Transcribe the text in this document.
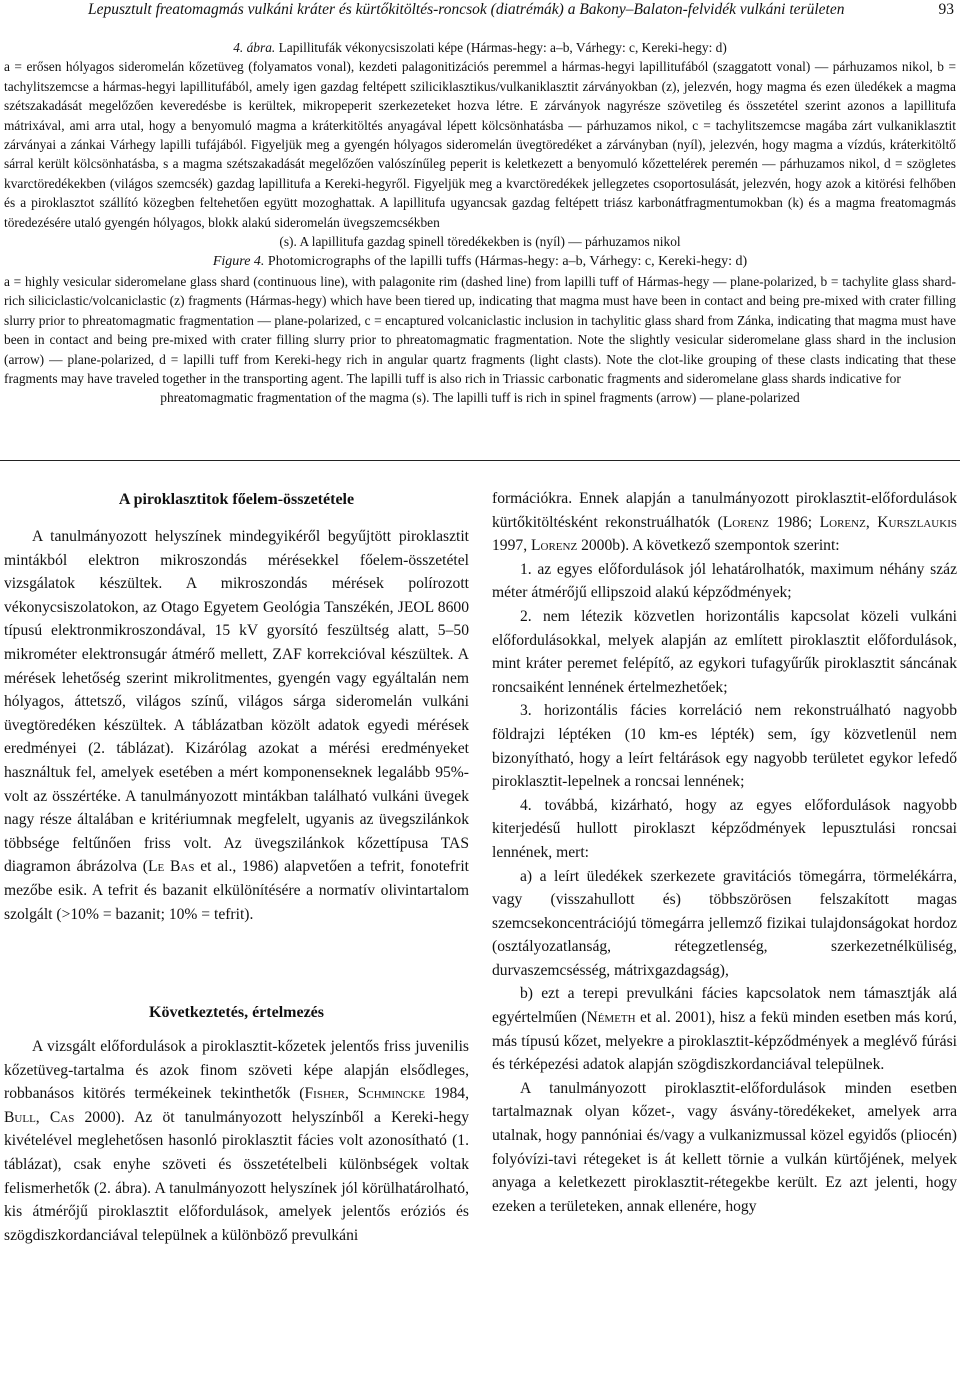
Lepusztult freatomagmás vulkáni kráter és kürtőkitöltés-roncsok (diatrémák) a Bakony–Balaton-felvidék vulkáni területen	93

4. ábra. Lapillitufák vékonycsiszolati képe (Hármas-hegy: a–b, Várhegy: c, Kereki-hegy: d)

a = erősen hólyagos sideromelán kőzetüveg (folyamatos vonal), kezdeti palagonitizációs peremmel a hármas-hegyi lapillitufából (szaggatott vonal) — párhuzamos nikol, b = tachylitszemcse a hármas-hegyi lapillitufából, amely igen gazdag feltépett sziliciklasztikus/vulkaniklasztit zárványokban (z), jelezvén, hogy magma és ezen üledékek a magma szétszakadását megelőzően keveredésbe is kerültek, mikropeperit szerkezeteket hozva létre. E zárványok nagyrésze szövetileg és összetétel szerint azonos a lapillitufa mátrixával, ami arra utal, hogy a benyomuló magma a kráterkitöltés anyagával lépett kölcsönhatásba — párhuzamos nikol, c = tachylitszemcse magába zárt vulkaniklasztit zárványai a zánkai Várhegy lapilli tufájából. Figyeljük meg a gyengén hólyagos sideromelán üvegtöredéket a zárványban (nyíl), jelezvén, hogy magma a vízdús, kráterkitöltő sárral került kölcsönhatásba, s a magma szétszakadását megelőzően valószínűleg peperit is keletkezett a benyomuló kőzettelérek peremén — párhuzamos nikol, d = szögletes kvarctöredékekben (világos szemcsék) gazdag lapillitufa a Kereki-hegyről. Figyeljük meg a kvarctöredékek jellegzetes csoportosulását, jelezvén, hogy azok a kitörési felhőben és a piroklasztot szállító közegben feltehetően együtt mozoghattak. A lapillitufa ugyancsak gazdag feltépett triász karbonátfragmentumokban (k) és a magma freatomagmás töredezésére utaló gyengén hólyagos, blokk alakú sideromelán üvegszemcsékben

(s). A lapillitufa gazdag spinell töredékekben is (nyíl) — párhuzamos nikol

Figure 4. Photomicrographs of the lapilli tuffs (Hármas-hegy: a–b, Várhegy: c, Kereki-hegy: d)

a = highly vesicular sideromelane glass shard (continuous line), with palagonite rim (dashed line) from lapilli tuff of Hármas-hegy — plane-polarized, b = tachylite glass shard-rich siliciclastic/volcaniclastic (z) fragments (Hármas-hegy) which have been tiered up, indicating that magma must have been in contact and being pre-mixed with crater filling slurry prior to phreatomagmatic fragmentation — plane-polarized, c = encaptured volcaniclastic inclusion in tachylitic glass shard from Zánka, indicating that magma must have been in contact and being pre-mixed with crater filling slurry prior to phreatomagmatic fragmentation. Note the slightly vesicular sideromelane glass shard in the inclusion (arrow) — plane-polarized, d = lapilli tuff from Kereki-hegy rich in angular quartz fragments (light clasts). Note the clot-like grouping of these clasts indicating that these fragments may have traveled together in the transporting agent. The lapilli tuff is also rich in Triassic carbonatic fragments and sideromelane glass shards indicative for

phreatomagmatic fragmentation of the magma (s). The lapilli tuff is rich in spinel fragments (arrow) — plane-polarized

A piroklasztitok főelem-összetétele

A tanulmányozott helyszínek mindegyikéről begyűjtött piroklasztit mintákból elektron mikroszondás mérésekkel főelem-összetétel vizsgálatok készültek. A mikroszondás mérések polírozott vékonycsiszolatokon, az Otago Egyetem Geológia Tanszékén, JEOL 8600 típusú elektronmikroszondával, 15 kV gyorsító feszültség alatt, 5–50 mikrométer elektronsugár átmérő mellett, ZAF korrekcióval készültek. A mérések lehetőség szerint mikrolitmentes, gyengén vagy egyáltalán nem hólyagos, áttetsző, világos színű, világos sárga sideromelán vulkáni üvegtöredéken készültek. A táblázatban közölt adatok egyedi mérések eredményei (2. táblázat). Kizárólag azokat a mérési eredményeket használtuk fel, amelyek esetében a mért komponenseknek legalább 95%-volt az összértéke. A tanulmányozott mintákban található vulkáni üvegek nagy része általában e kritériumnak megfelelt, ugyanis az üvegszilánkok többsége feltűnően friss volt. Az üvegszilánkok kőzettípusa TAS diagramon ábrázolva (Le Bas et al., 1986) alapvetően a tefrit, fonotefrit mezőbe esik. A tefrit és bazanit elkülönítésére a normatív olivintartalom szolgált (>10% = bazanit; 10% = tefrit).

Következtetés, értelmezés

A vizsgált előfordulások a piroklasztit-kőzetek jelentős friss juvenilis kőzetüveg-tartalma és azok finom szöveti képe alapján elsődleges, robbanásos kitörés termékeinek tekinthetők (Fisher, Schmincke 1984, Bull, Cas 2000). Az öt tanulmányozott helyszínből a Kereki-hegy kivételével meglehetősen hasonló piroklasztit fácies volt azonosítható (1. táblázat), csak enyhe szöveti és összetételbeli különbségek voltak felismerhetők (2. ábra). A tanulmányozott helyszínek jól körülhatárolható, kis átmérőjű piroklasztit előfordulások, amelyek jelentős eróziós és szögdiszkordanciával települnek a különböző prevulkáni

formációkra. Ennek alapján a tanulmányozott piroklasztit-előfordulások kürtőkitöltésként rekonstruálhatók (Lorenz 1986; Lorenz, Kurszlaukis 1997, Lorenz 2000b). A következő szempontok szerint:

1. az egyes előfordulások jól lehatárolhatók, maximum néhány száz méter átmérőjű ellipszoid alakú képződmények;

2. nem létezik közvetlen horizontális kapcsolat közeli vulkáni előfordulásokkal, melyek alapján az említett piroklasztit előfordulások, mint kráter peremet felépítő, az egykori tufagyűrűk piroklasztit sáncának roncsaiként lennének értelmezhetőek;

3. horizontális fácies korreláció nem rekonstruálható nagyobb földrajzi léptéken (10 km-es lépték) sem, így közvetlenül nem bizonyítható, hogy a leírt feltárások egy nagyobb területet egykor lefedő piroklasztit-lepelnek a roncsai lennének;

4. továbbá, kizárható, hogy az egyes előfordulások nagyobb kiterjedésű hullott piroklaszt képződmények lepusztulási roncsai lennének, mert:

a) a leírt üledékek szerkezete gravitációs tömegárra, törmelékárra, vagy (visszahullott és) többszörösen felszakított magas szemcsekoncentrációjú tömegárra jellemző fizikai tulajdonságokat hordoz (osztályozatlanság, rétegzetlenség, szerkezetnélküliség, durvaszemcsésség, mátrixgazdagság),

b) ezt a terepi prevulkáni fácies kapcsolatok nem támasztják alá egyértelműen (Németh et al. 2001), hisz a fekü minden esetben más korú, más típusú kőzet, melyekre a piroklasztit-képződmények a meglévő fúrási és térképezési adatok alapján szögdiszkordanciával települnek.

A tanulmányozott piroklasztit-előfordulások minden esetben tartalmaznak olyan kőzet-, vagy ásvány-töredékeket, amelyek arra utalnak, hogy pannóniai és/vagy a vulkanizmussal közel egyidős (pliocén) folyóvízi-tavi rétegeket is át kellett törnie a vulkán kürtőjének, melyek anyaga a keletkezett piroklasztit-rétegekbe került. Ez azt jelenti, hogy ezeken a területeken, annak ellenére, hogy
